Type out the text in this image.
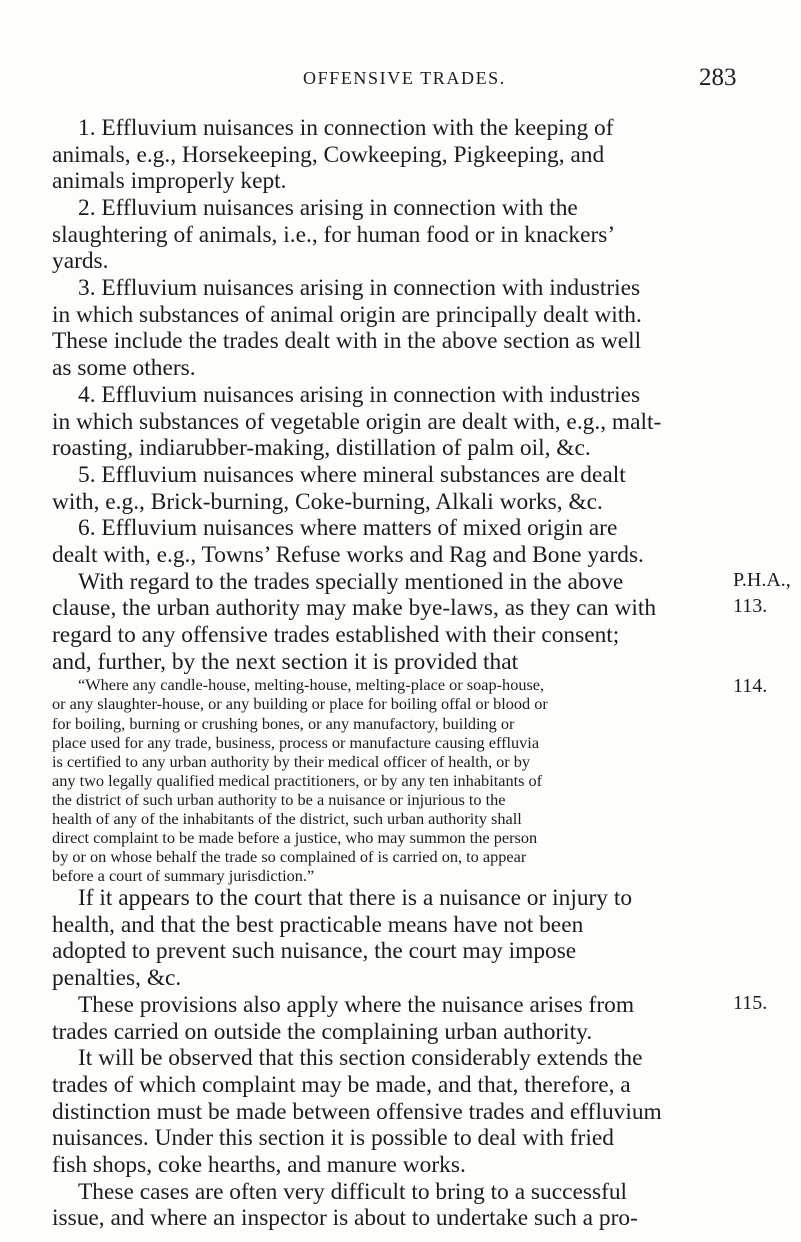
OFFENSIVE TRADES.	283
1. Effluvium nuisances in connection with the keeping of
animals, e.g., Horsekeeping, Cowkeeping, Pigkeeping, and
animals improperly kept.
2. Effluvium nuisances arising in connection with the
slaughtering of animals, i.e., for human food or in knackers’
yards.
3. Effluvium nuisances arising in connection with industries
in which substances of animal origin are principally dealt with.
These include the trades dealt with in the above section as well
as some others.
4. Effluvium nuisances arising in connection with industries
in which substances of vegetable origin are dealt with, e.g., malt-
roasting, indiarubber-making, distillation of palm oil, &c.
5. Effluvium nuisances where mineral substances are dealt
with, e.g., Brick-burning, Coke-burning, Alkali works, &c.
6. Effluvium nuisances where matters of mixed origin are
dealt with, e.g., Towns’ Refuse works and Rag and Bone yards.
With regard to the trades specially mentioned in the above
clause, the urban authority may make bye-laws, as they can with
regard to any offensive trades established with their consent;
and, further, by the next section it is provided that
“Where any candle-house, melting-house, melting-place or soap-house,
or any slaughter-house, or any building or place for boiling offal or blood or
for boiling, burning or crushing bones, or any manufactory, building or
place used for any trade, business, process or manufacture causing effluvia
is certified to any urban authority by their medical officer of health, or by
any two legally qualified medical practitioners, or by any ten inhabitants of
the district of such urban authority to be a nuisance or injurious to the
health of any of the inhabitants of the district, such urban authority shall
direct complaint to be made before a justice, who may summon the person
by or on whose behalf the trade so complained of is carried on, to appear
before a court of summary jurisdiction.”
If it appears to the court that there is a nuisance or injury to
health, and that the best practicable means have not been
adopted to prevent such nuisance, the court may impose
penalties, &c.
These provisions also apply where the nuisance arises from
trades carried on outside the complaining urban authority.
It will be observed that this section considerably extends the
trades of which complaint may be made, and that, therefore, a
distinction must be made between offensive trades and effluvium
nuisances. Under this section it is possible to deal with fried
fish shops, coke hearths, and manure works.
These cases are often very difficult to bring to a successful
issue, and where an inspector is about to undertake such a pro-
P.H.A.,
113.
114.
115.
